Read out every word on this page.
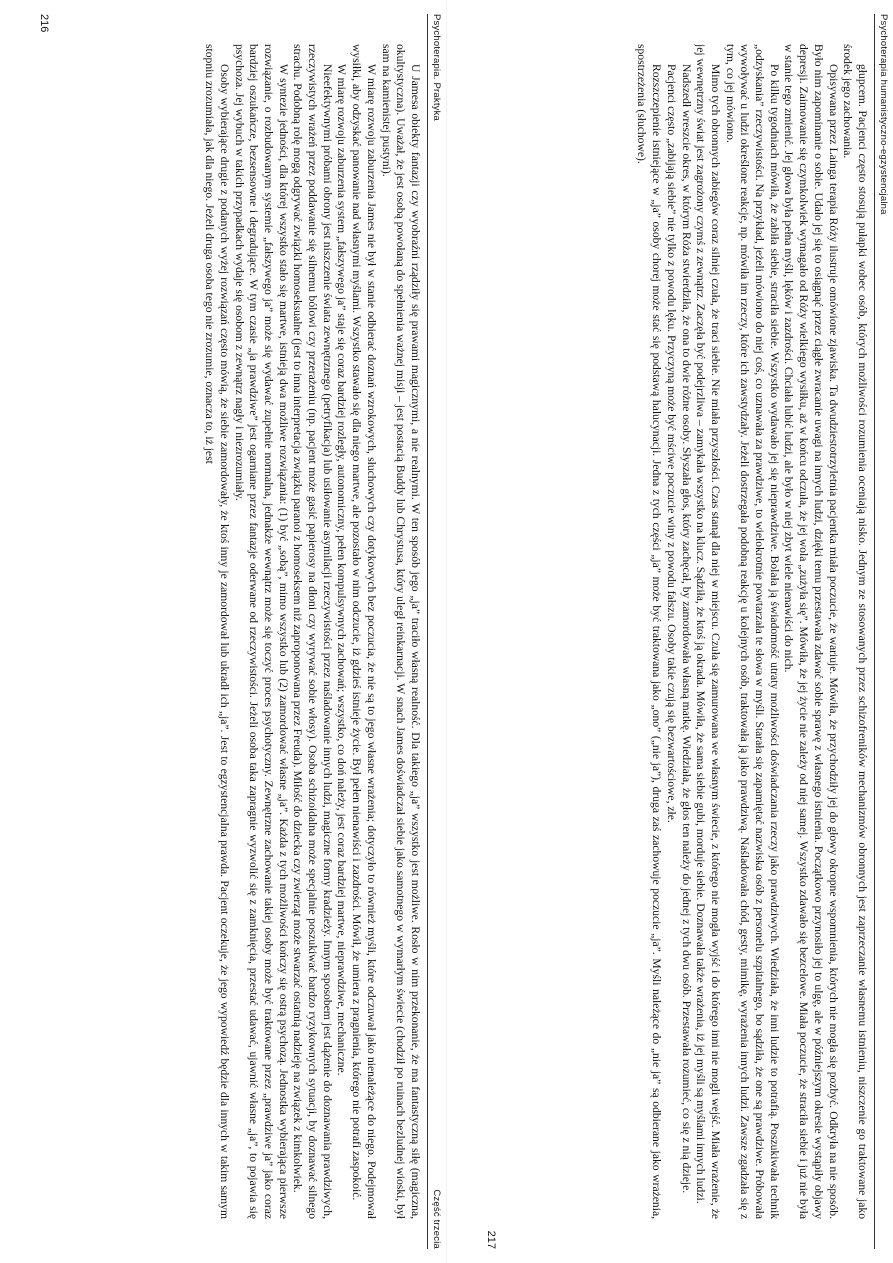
Psychoterapia. Praktyka
Część trzecia

U Jamesa obiekty fantazji czy wyobraźni rządziły się prawami magicznymi, a nie realnymi. W ten sposób jego „ja” traciło własną realność. Dla takiego „ja” wszystko jest możliwe. Rosło w nim przekonanie, że ma fantastyczną siłę (magiczna, okultystyczna). Uważał, że jest osobą powołaną do spełnienia ważnej misji – jest postacią Buddy lub Chrystusa, który uległ reinkarnacji. W snach James doświadczał siebie jako samotnego w wymarłym świecie (chodził po ruinach bezludnej wioski, był sam na kamienistej pustyni).

W miarę rozwoju zaburzenia James nie był w stanie odbierać doznań wzrokowych, słuchowych czy dotykowych bez poczucia, że nie są to jego własne wrażenia; dotyczyło to również myśli, które odczuwał jako nienależące do niego. Podejmował wysiłki, aby odzyskać panowanie nad własnymi myślami. Wszystko stawało się dla niego martwe, ale pozostało w nim odczucie, iż gdzieś istnieje życie. Był pełen nienawiści i zazdrości. Mówił, że umiera z pragnienia, którego nie potrafi zaspokoić.

W miarę rozwoju zaburzenia system „fałszywego ja” staje się coraz bardziej rozległy, autonomiczny, pełen kompulsywnych zachowań; wszystko, co doń należy, jest coraz bardziej martwe, nieprawdziwe, mechaniczne.

Nieefektywnymi próbami obrony jest niszczenie świata zewnętrznego (petryfikacja) lub usiłowanie asymilacji rzeczywistości przez naśladowanie innych ludzi, magiczne formy kradzieży. Innym sposobem jest dążenie do doznawania prawdziwych, rzeczywistych wrażeń przez poddawanie się silnemu bólowi czy przerażeniu (np. pacjent może gasić papierosy na dłoni czy wyrywać sobie włosy). Osoba schizoidalna może specjalnie poszukiwać bardzo ryzykownych sytuacji, by doznawać silnego strachu. Podobną rolę mogą odgrywać związki homoseksualne (jest to inna interpretacja związku paranoi z homoseksem niż zaproponowana przez Freuda). Miłość do dziecka czy zwierząt może stwarzać ostatnią nadzieję na związek z kimkolwiek.

W syntezie jedności, dla której wszystko stało się martwe, istnieją dwa możliwe rozwiązania: (1) być „sobą”, mimo wszystko lub (2) zamordować własne „ja”. Każda z tych możliwości kończy się ostrą psychozą. Jednostka wybierająca pierwsze rozwiązanie, o rozbudowanym systemie „fałszywego ja” może się wydawać zupełnie normalna, jednakże wewnątrz może się toczyć proces psychotyczny. Zewnętrzne zachowanie takiej osoby może być traktowane przez „prawdziwe ja” jako coraz bardziej oszukańcze, bezsensowne i degradujące. W tym czasie „ja prawdziwe” jest ogarniane przez fantazje oderwane od rzeczywistości. Jeżeli osoba taka zapragnie wyzwolić się z zamknięcia, przestać udawać, ujawnić własne „ja”, to pojawia się psychoza. Jej wybuch w takich przypadkach wydaje się osobom z zewnątrz nagły i niezrozumiały.

Osoby wybierające drugie z podanych wyżej rozwiązań często mówią, że siebie zamordowały, że ktoś inny je zamordował lub ukradł ich „ja”. Jest to egzystencjalna prawda. Pacjent oczekuje, że jego wypowiedź będzie dla innych w takim samym stopniu zrozumiała, jak dla niego. Jeżeli druga osoba tego nie zrozumie, oznacza to, iż jest

216	Psychoterapia humanistyczno-egzystencjalna

głupcem. Pacjenci często stosują pułapki wobec osób, których możliwości rozumienia oceniają nisko. Jednym ze stosowanych przez schizofreników mechanizmów obronnych jest zaprzeczanie własnemu istnieniu, niszczenie go traktowane jako środek jego zachowania.

Opisywana przez Lainga terapia Róży ilustruje omówione zjawiska. Ta dwudziestotrzyletnia pacjentka miała poczucie, że wariuje. Mówiła, że przychodziły jej do głowy okropne wspomnienia, których nie mogła się pozbyć. Odkryła na nie sposób. Było nim zapominanie o sobie. Udało jej się to osiągnąć przez ciągłe zwracanie uwagi na innych ludzi, dzięki temu przestawała zdawać sobie sprawę z własnego istnienia. Początkowo przynosiło jej to ulgę, ale w późniejszym okresie wystąpiły objawy depresji. Zaimowanie się czymkolwiek wymagało od Róży wielkiego wysiłku, aż w końcu odczuła, że jej wola „zużyła się”. Mówiła, że jej życie nie zależy od niej samej. Wszystko zdawało się bezcelowe. Miała poczucie, że straciła siebie i już nie była w stanie tego zmienić. Jej głowa była pełna myśli, lęków i zazdrości. Chciała lubić ludzi, ale było w niej zbyt wiele nienawiści do nich.

Po kilku tygodniach mówiła, że zabiła siebie, straciła siebie. Wszystko wydawało jej się nieprawdziwe. Bolała ją świadomość utraty możliwości doświadczania rzeczy jako prawdziwych. Wiedziała, że inni ludzie to potrafią. Poszukiwała technik „odzyskania” rzeczywistości. Na przykład, jeżeli mówiono do niej coś, co uznawała za prawdziwe, to wielokrotnie powtarzała te słowa w myśli. Starała się zapamiętać nazwiska osób z personelu szpitalnego, bo sądziła, że one są prawdziwe. Próbowała wywoływać u ludzi określone reakcje, np. mówiła im rzeczy, które ich zawstydzały. Jeżeli dostrzegała podobną reakcję u kolejnych osób, traktowała ją jako prawdziwą. Naśladowała chód, gesty, mimikę, wyrażenia innych ludzi. Zawsze zgadzała się z tym, co jej mówiono.

Mimo tych obronnych zabiegów coraz silniej czuła, że traci siebie. Nie miała przyszłości. Czas stanął dla niej w miejscu. Czuła się zamurowana we własnym świecie, z którego nie mogła wyjść i do którego inni nie mogli wejść. Miała wrażenie, że jej wewnętrzny świat jest zagrożony czymś z zewnątrz. Zaczęła być podejrzliwa – zamykała wszystko na klucz. Sądziła, że ktoś ją okrada. Mówiła, że sama siebie gubi, morduje siebie. Doznawała także wrażenia, iż jej myśli są myślami innych ludzi.

Nadszedł wreszcie okres, w którym Róża stwierdziła, że ona to dwie różne osoby. Słyszała głos, który zachęcał, by zamordowała własną matkę. Wiedziała, że głos ten należy do jednej z tych dwu osób. Przestawała rozumieć, co się z nią dzieje.

Pacjenci często „zabijają siebie” nie tylko z powodu lęku. Przyczyną może być mściwe poczucie winy z powodu fałszu. Osoby takie czują się bezwartościowe, złe.

Rozszczepienie istniejące w „ja” osoby chorej może stać się podstawą halucynacji. Jedna z tych części „ja” może być traktowana jako „ono” („nie ja”), druga zaś zachowuje poczucie „ja”. Myśli należące do „nie ja” są odbierane jako wrażenia, spostrzeżenia (słuchowe).

217
